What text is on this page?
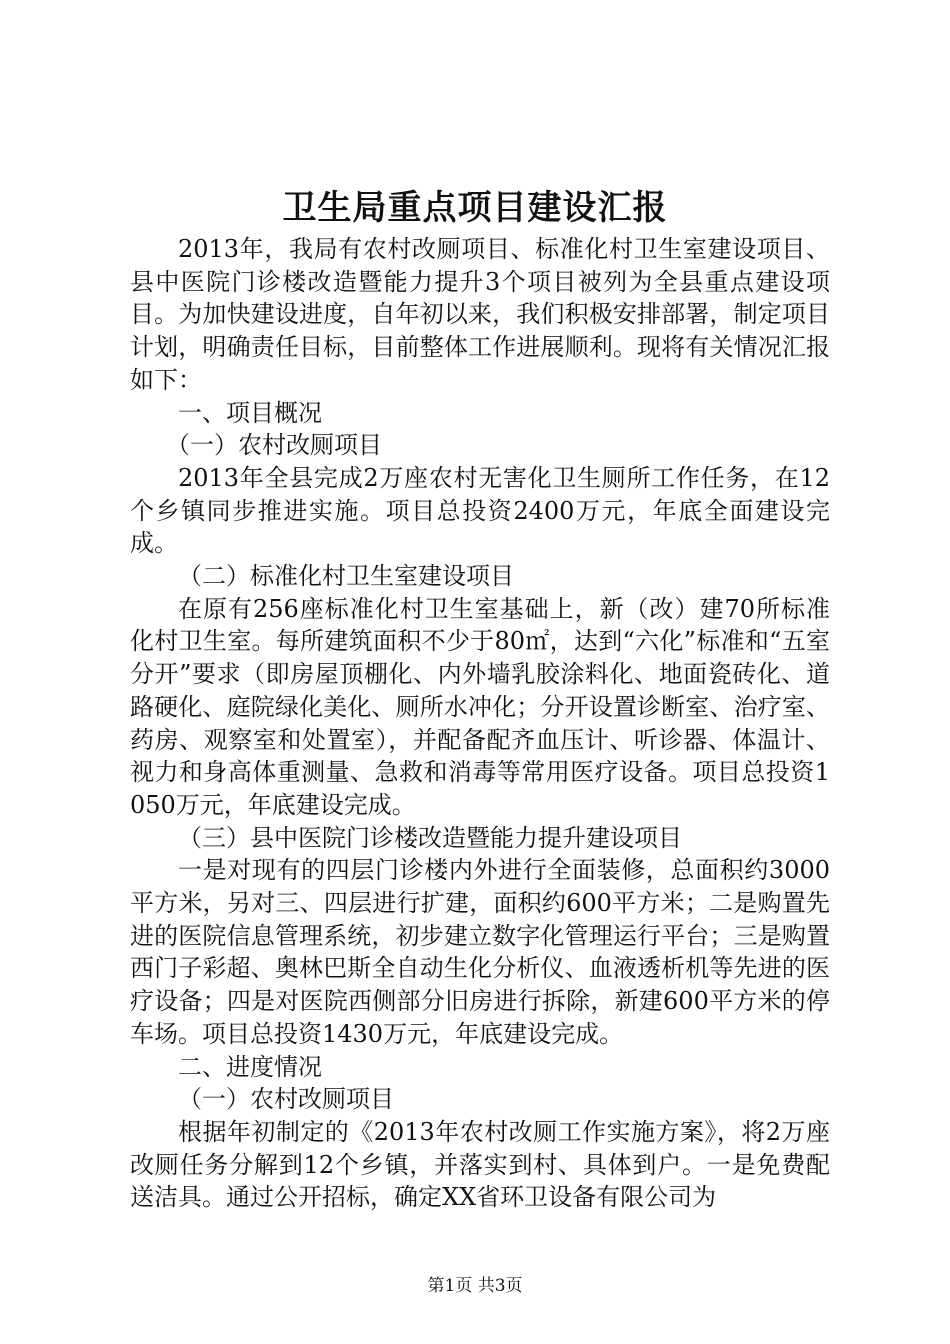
卫生局重点项目建设汇报

2013年，我局有农村改厕项目、标准化村卫生室建设项目、县中医院门诊楼改造暨能力提升3个项目被列为全县重点建设项目。为加快建设进度，自年初以来，我们积极安排部署，制定项目计划，明确责任目标，目前整体工作进展顺利。现将有关情况汇报如下：

一、项目概况

（一）农村改厕项目

2013年全县完成2万座农村无害化卫生厕所工作任务，在12个乡镇同步推进实施。项目总投资2400万元，年底全面建设完成。

（二）标准化村卫生室建设项目

在原有256座标准化村卫生室基础上，新（改）建70所标准化村卫生室。每所建筑面积不少于80㎡，达到“六化”标准和“五室分开”要求（即房屋顶棚化、内外墙乳胶涂料化、地面瓷砖化、道路硬化、庭院绿化美化、厕所水冲化；分开设置诊断室、治疗室、药房、观察室和处置室），并配备配齐血压计、听诊器、体温计、视力和身高体重测量、急救和消毒等常用医疗设备。项目总投资1050万元，年底建设完成。

（三）县中医院门诊楼改造暨能力提升建设项目

一是对现有的四层门诊楼内外进行全面装修，总面积约3000平方米，另对三、四层进行扩建，面积约600平方米；二是购置先进的医院信息管理系统，初步建立数字化管理运行平台；三是购置西门子彩超、奥林巴斯全自动生化分析仪、血液透析机等先进的医疗设备；四是对医院西侧部分旧房进行拆除，新建600平方米的停车场。项目总投资1430万元，年底建设完成。

二、进度情况

（一）农村改厕项目

根据年初制定的《2013年农村改厕工作实施方案》，将2万座改厕任务分解到12个乡镇，并落实到村、具体到户。一是免费配送洁具。通过公开招标，确定XX省环卫设备有限公司为

第1页 共3页
